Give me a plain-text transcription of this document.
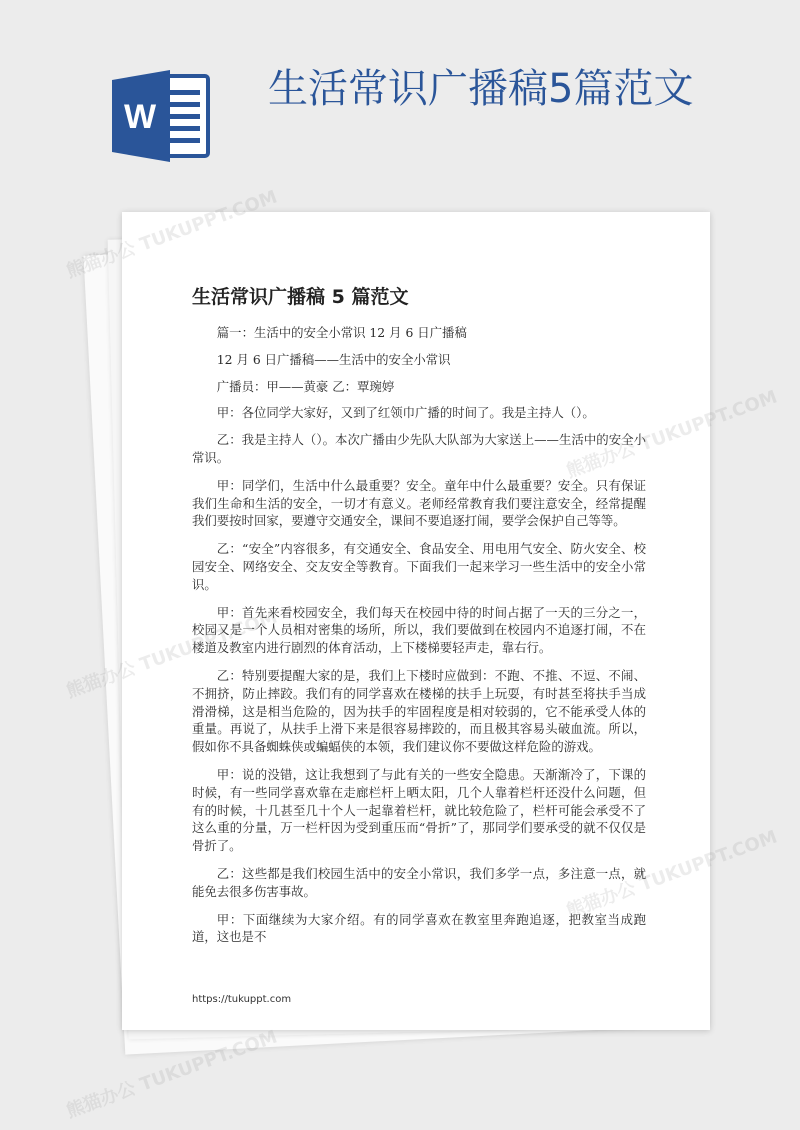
W
生活常识广播稿5篇范文
生活常识广播稿 5 篇范文

篇一：生活中的安全小常识 12 月 6 日广播稿

12 月 6 日广播稿——生活中的安全小常识

广播员：甲——黄豪 乙：覃琬婷

甲：各位同学大家好，又到了红领巾广播的时间了。我是主持人（）。

乙：我是主持人（）。本次广播由少先队大队部为大家送上——生活中的安全小常识。

甲：同学们，生活中什么最重要？安全。童年中什么最重要？安全。只有保证我们生命和生活的安全，一切才有意义。老师经常教育我们要注意安全，经常提醒我们要按时回家，要遵守交通安全，课间不要追逐打闹，要学会保护自己等等。

乙：“安全”内容很多，有交通安全、食品安全、用电用气安全、防火安全、校园安全、网络安全、交友安全等教育。下面我们一起来学习一些生活中的安全小常识。

甲：首先来看校园安全，我们每天在校园中待的时间占据了一天的三分之一，校园又是一个人员相对密集的场所，所以，我们要做到在校园内不追逐打闹，不在楼道及教室内进行剧烈的体育活动，上下楼梯要轻声走，靠右行。

乙：特别要提醒大家的是，我们上下楼时应做到：不跑、不推、不逗、不闹、不拥挤，防止摔跤。我们有的同学喜欢在楼梯的扶手上玩耍，有时甚至将扶手当成滑滑梯，这是相当危险的，因为扶手的牢固程度是相对较弱的，它不能承受人体的重量。再说了，从扶手上滑下来是很容易摔跤的，而且极其容易头破血流。所以，假如你不具备蜘蛛侠或蝙蝠侠的本领，我们建议你不要做这样危险的游戏。

甲：说的没错，这让我想到了与此有关的一些安全隐患。天渐渐冷了，下课的时候，有一些同学喜欢靠在走廊栏杆上晒太阳，几个人靠着栏杆还没什么问题，但有的时候，十几甚至几十个人一起靠着栏杆，就比较危险了，栏杆可能会承受不了这么重的分量，万一栏杆因为受到重压而“骨折”了，那同学们要承受的就不仅仅是骨折了。

乙：这些都是我们校园生活中的安全小常识，我们多学一点，多注意一点，就能免去很多伤害事故。

甲：下面继续为大家介绍。有的同学喜欢在教室里奔跑追逐，把教室当成跑道，这也是不

https://tukuppt.com
熊猫办公
熊猫办公 TUKUPPT.COM
